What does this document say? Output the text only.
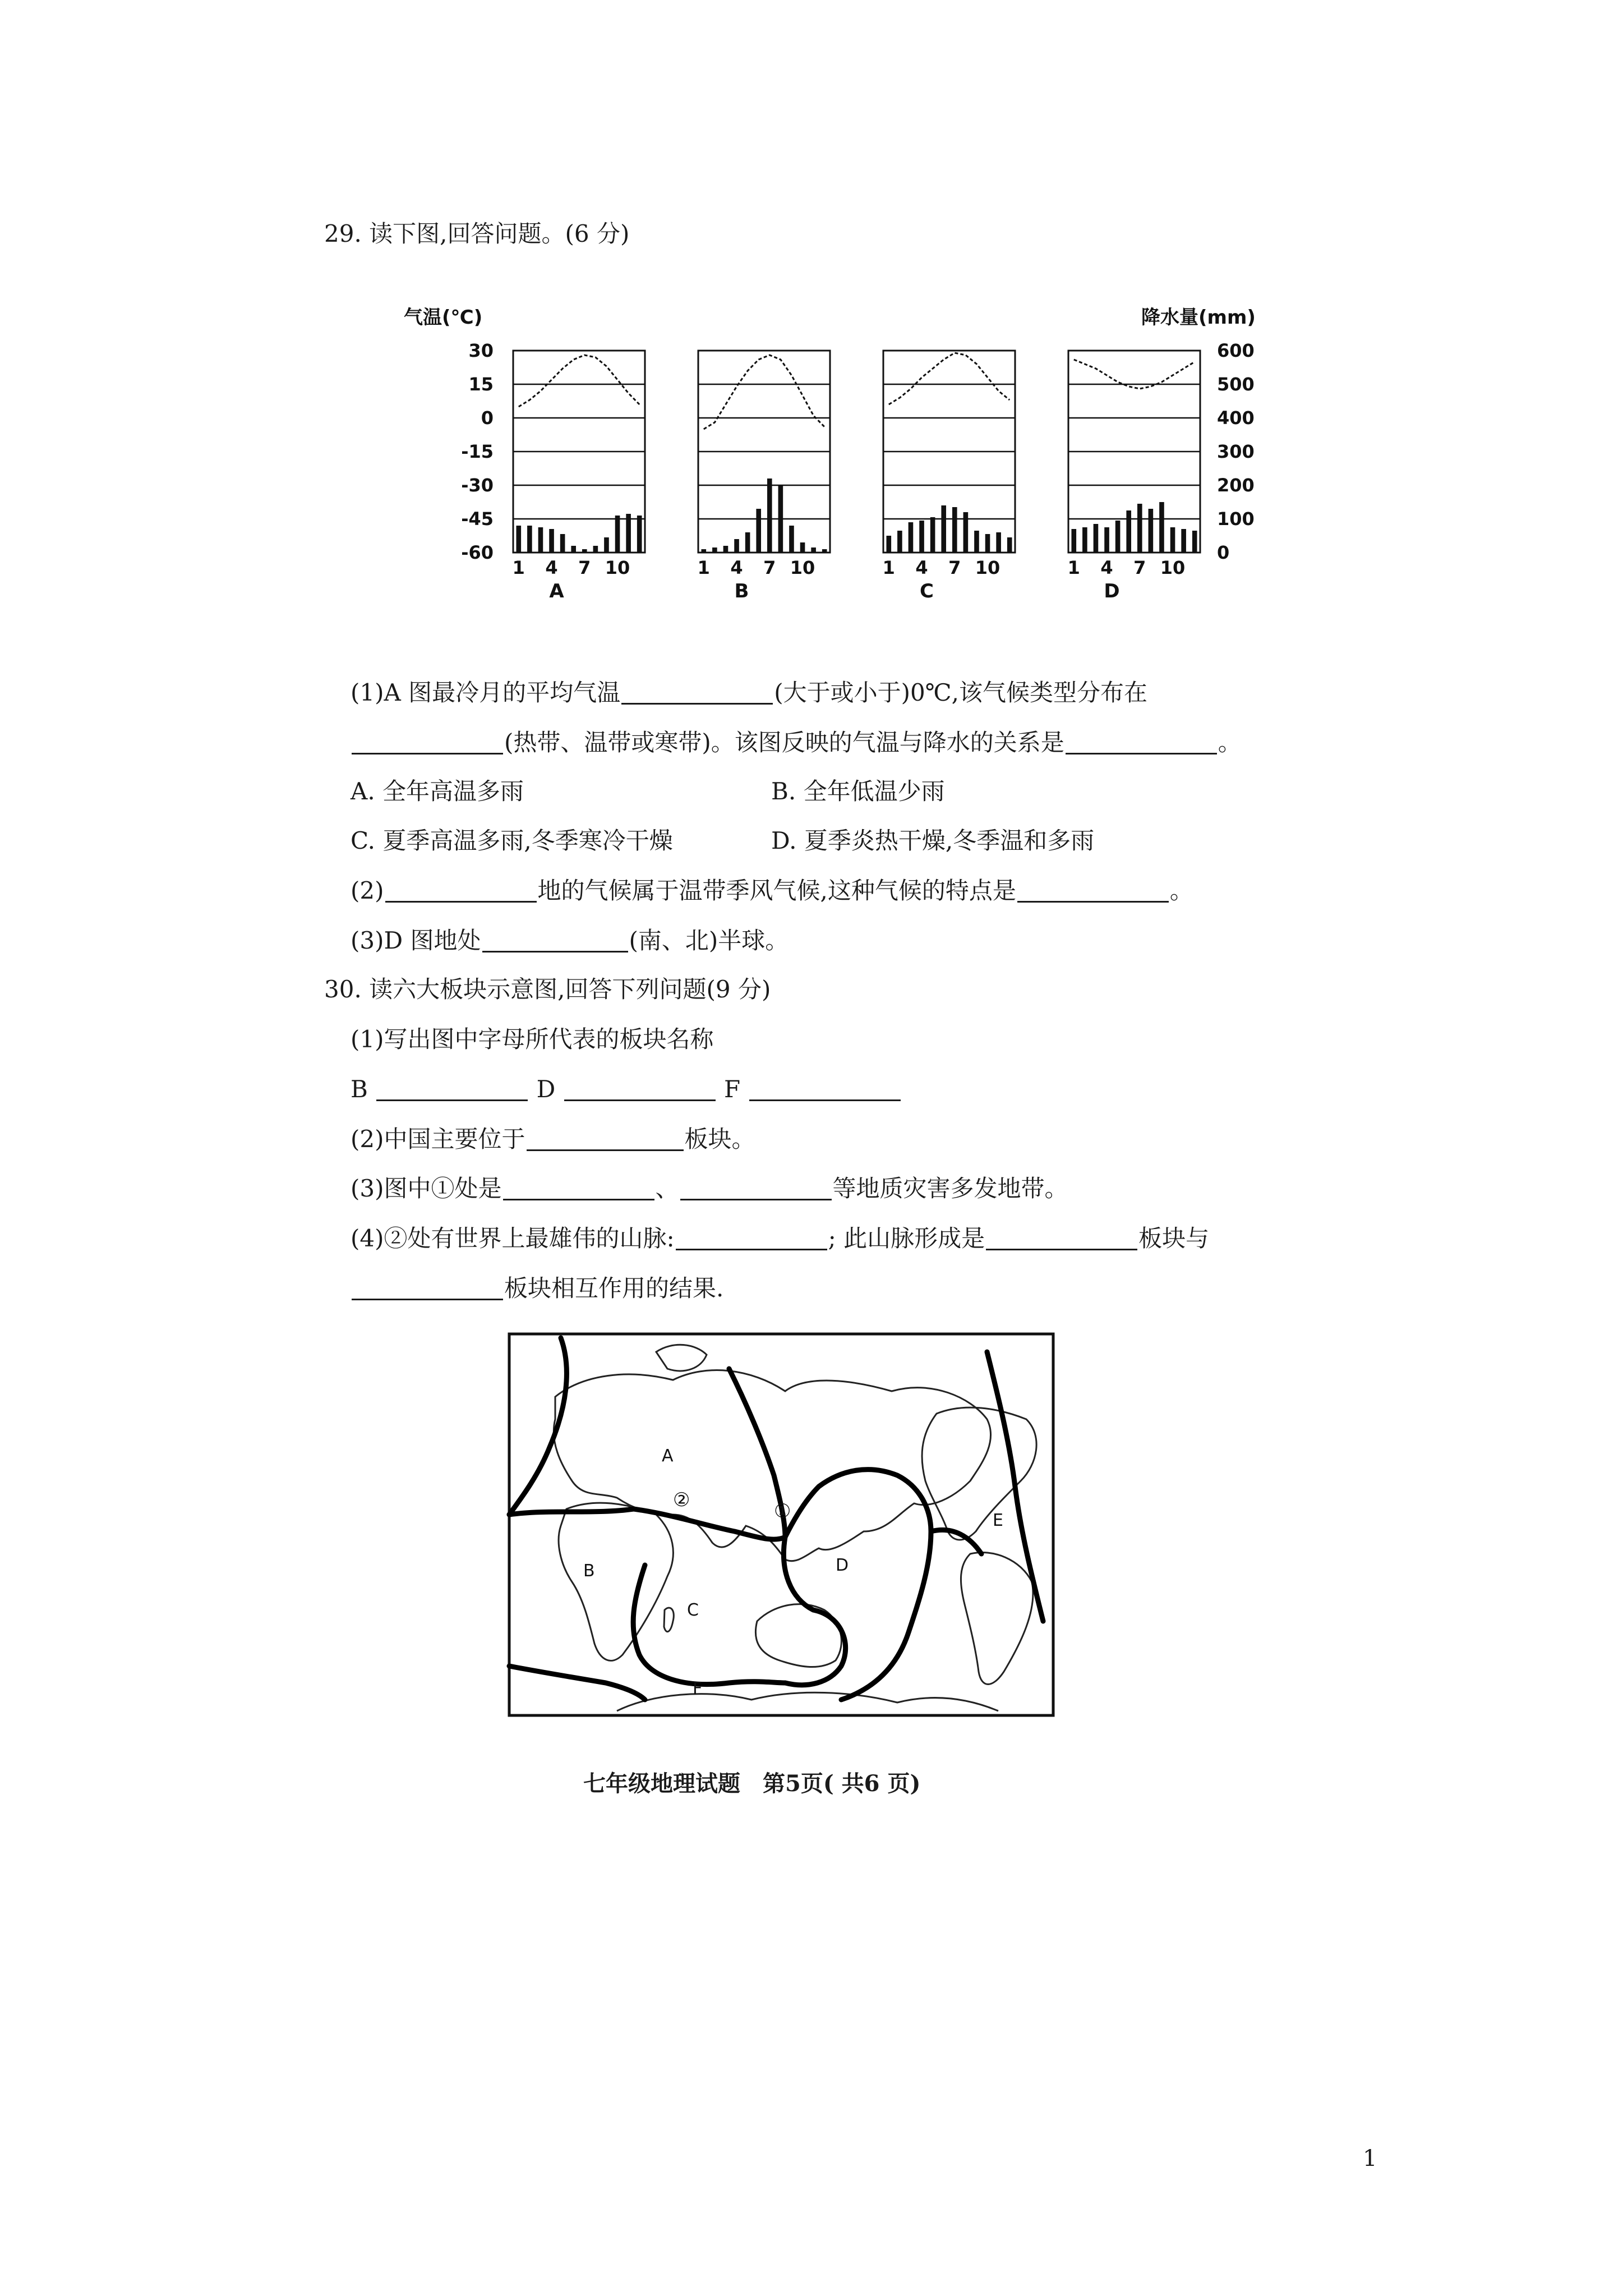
29. 读下图,回答问题。(6 分)
气温(℃)	降水量(mm)
30
15
0
-15
-30
-45
-60
600
500
400
300
200
100
0
1 4 7 10
A
1 4 7 10
B
1 4 7 10
C
1 4 7 10
D
(1)A 图最冷月的平均气温	(大于或小于)0℃,该气候类型分布在
(热带、温带或寒带)。该图反映的气温与降水的关系是	。
A. 全年高温多雨	B. 全年低温少雨
C. 夏季高温多雨,冬季寒冷干燥	D. 夏季炎热干燥,冬季温和多雨
(2)	地的气候属于温带季风气候,这种气候的特点是	。
(3)D 图地处	(南、北)半球。
30. 读六大板块示意图,回答下列问题(9 分)
(1)写出图中字母所代表的板块名称
B	D	F
(2)中国主要位于	板块。
(3)图中①处是	、	等地质灾害多发地带。
(4)②处有世界上最雄伟的山脉:	; 此山脉形成是	板块与
板块相互作用的结果.
A
B
C
D
E
F
①
②
七年级地理试题　第5页( 共6 页)
1
